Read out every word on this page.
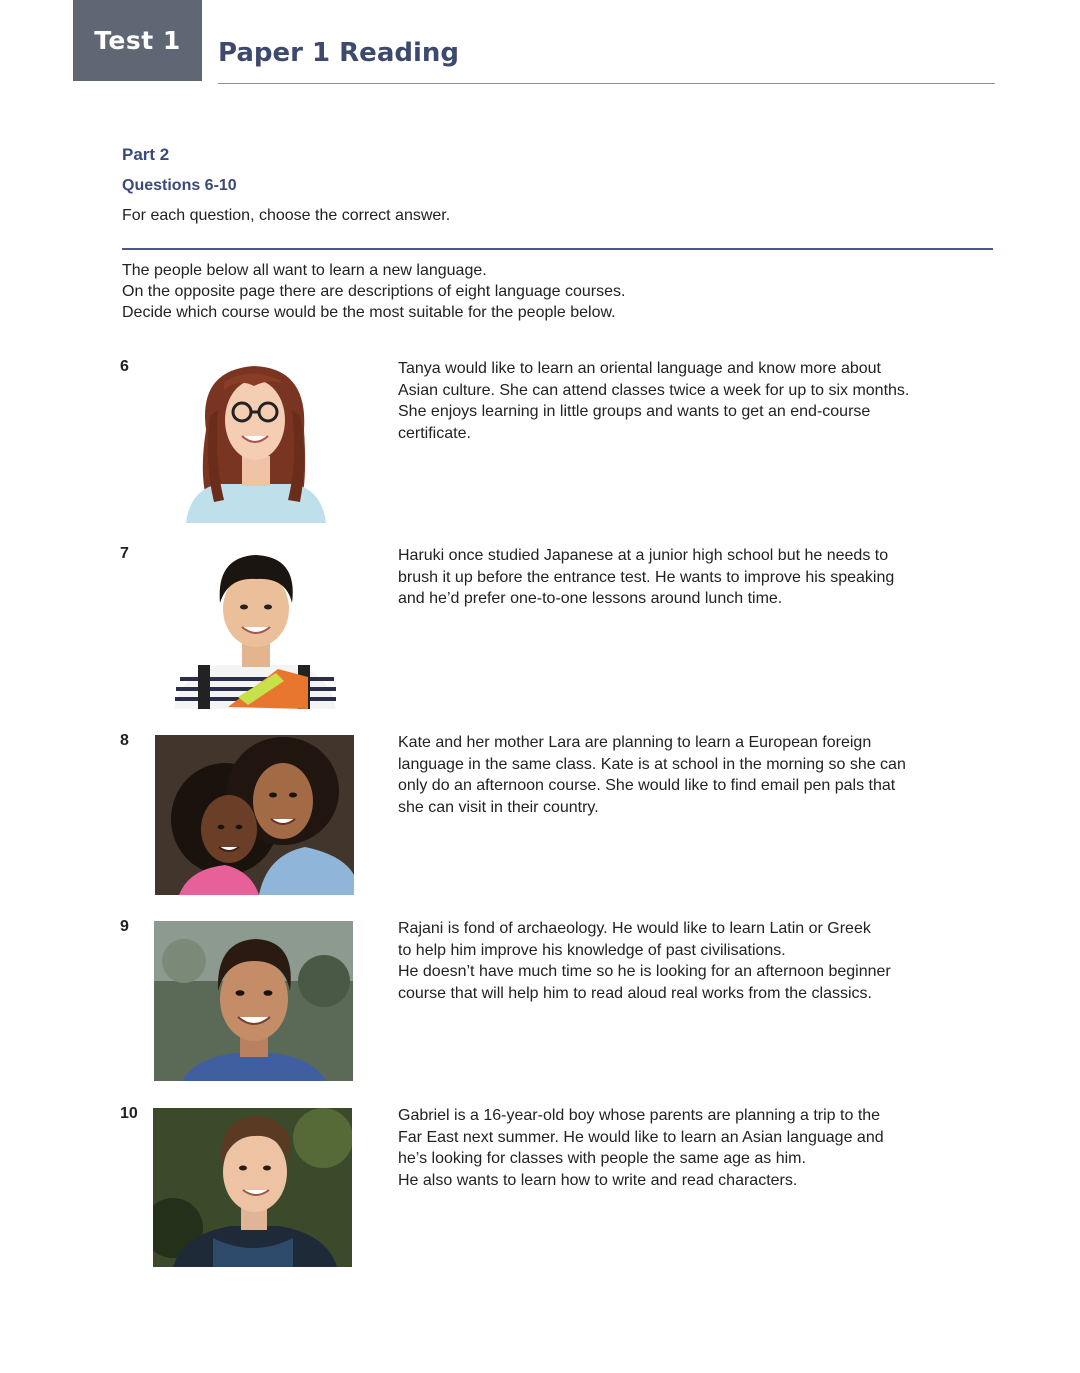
Test 1	Paper 1 Reading
Part 2
Questions 6-10
For each question, choose the correct answer.
The people below all want to learn a new language.
On the opposite page there are descriptions of eight language courses.
Decide which course would be the most suitable for the people below.
6	Tanya would like to learn an oriental language and know more about
Asian culture. She can attend classes twice a week for up to six months.
She enjoys learning in little groups and wants to get an end-course
certificate.
7	Haruki once studied Japanese at a junior high school but he needs to
brush it up before the entrance test. He wants to improve his speaking
and he’d prefer one-to-one lessons around lunch time.
8	Kate and her mother Lara are planning to learn a European foreign
language in the same class. Kate is at school in the morning so she can
only do an afternoon course. She would like to find email pen pals that
she can visit in their country.
9	Rajani is fond of archaeology. He would like to learn Latin or Greek
to help him improve his knowledge of past civilisations.
He doesn’t have much time so he is looking for an afternoon beginner
course that will help him to read aloud real works from the classics.
10	Gabriel is a 16-year-old boy whose parents are planning a trip to the
Far East next summer. He would like to learn an Asian language and
he’s looking for classes with people the same age as him.
He also wants to learn how to write and read characters.
